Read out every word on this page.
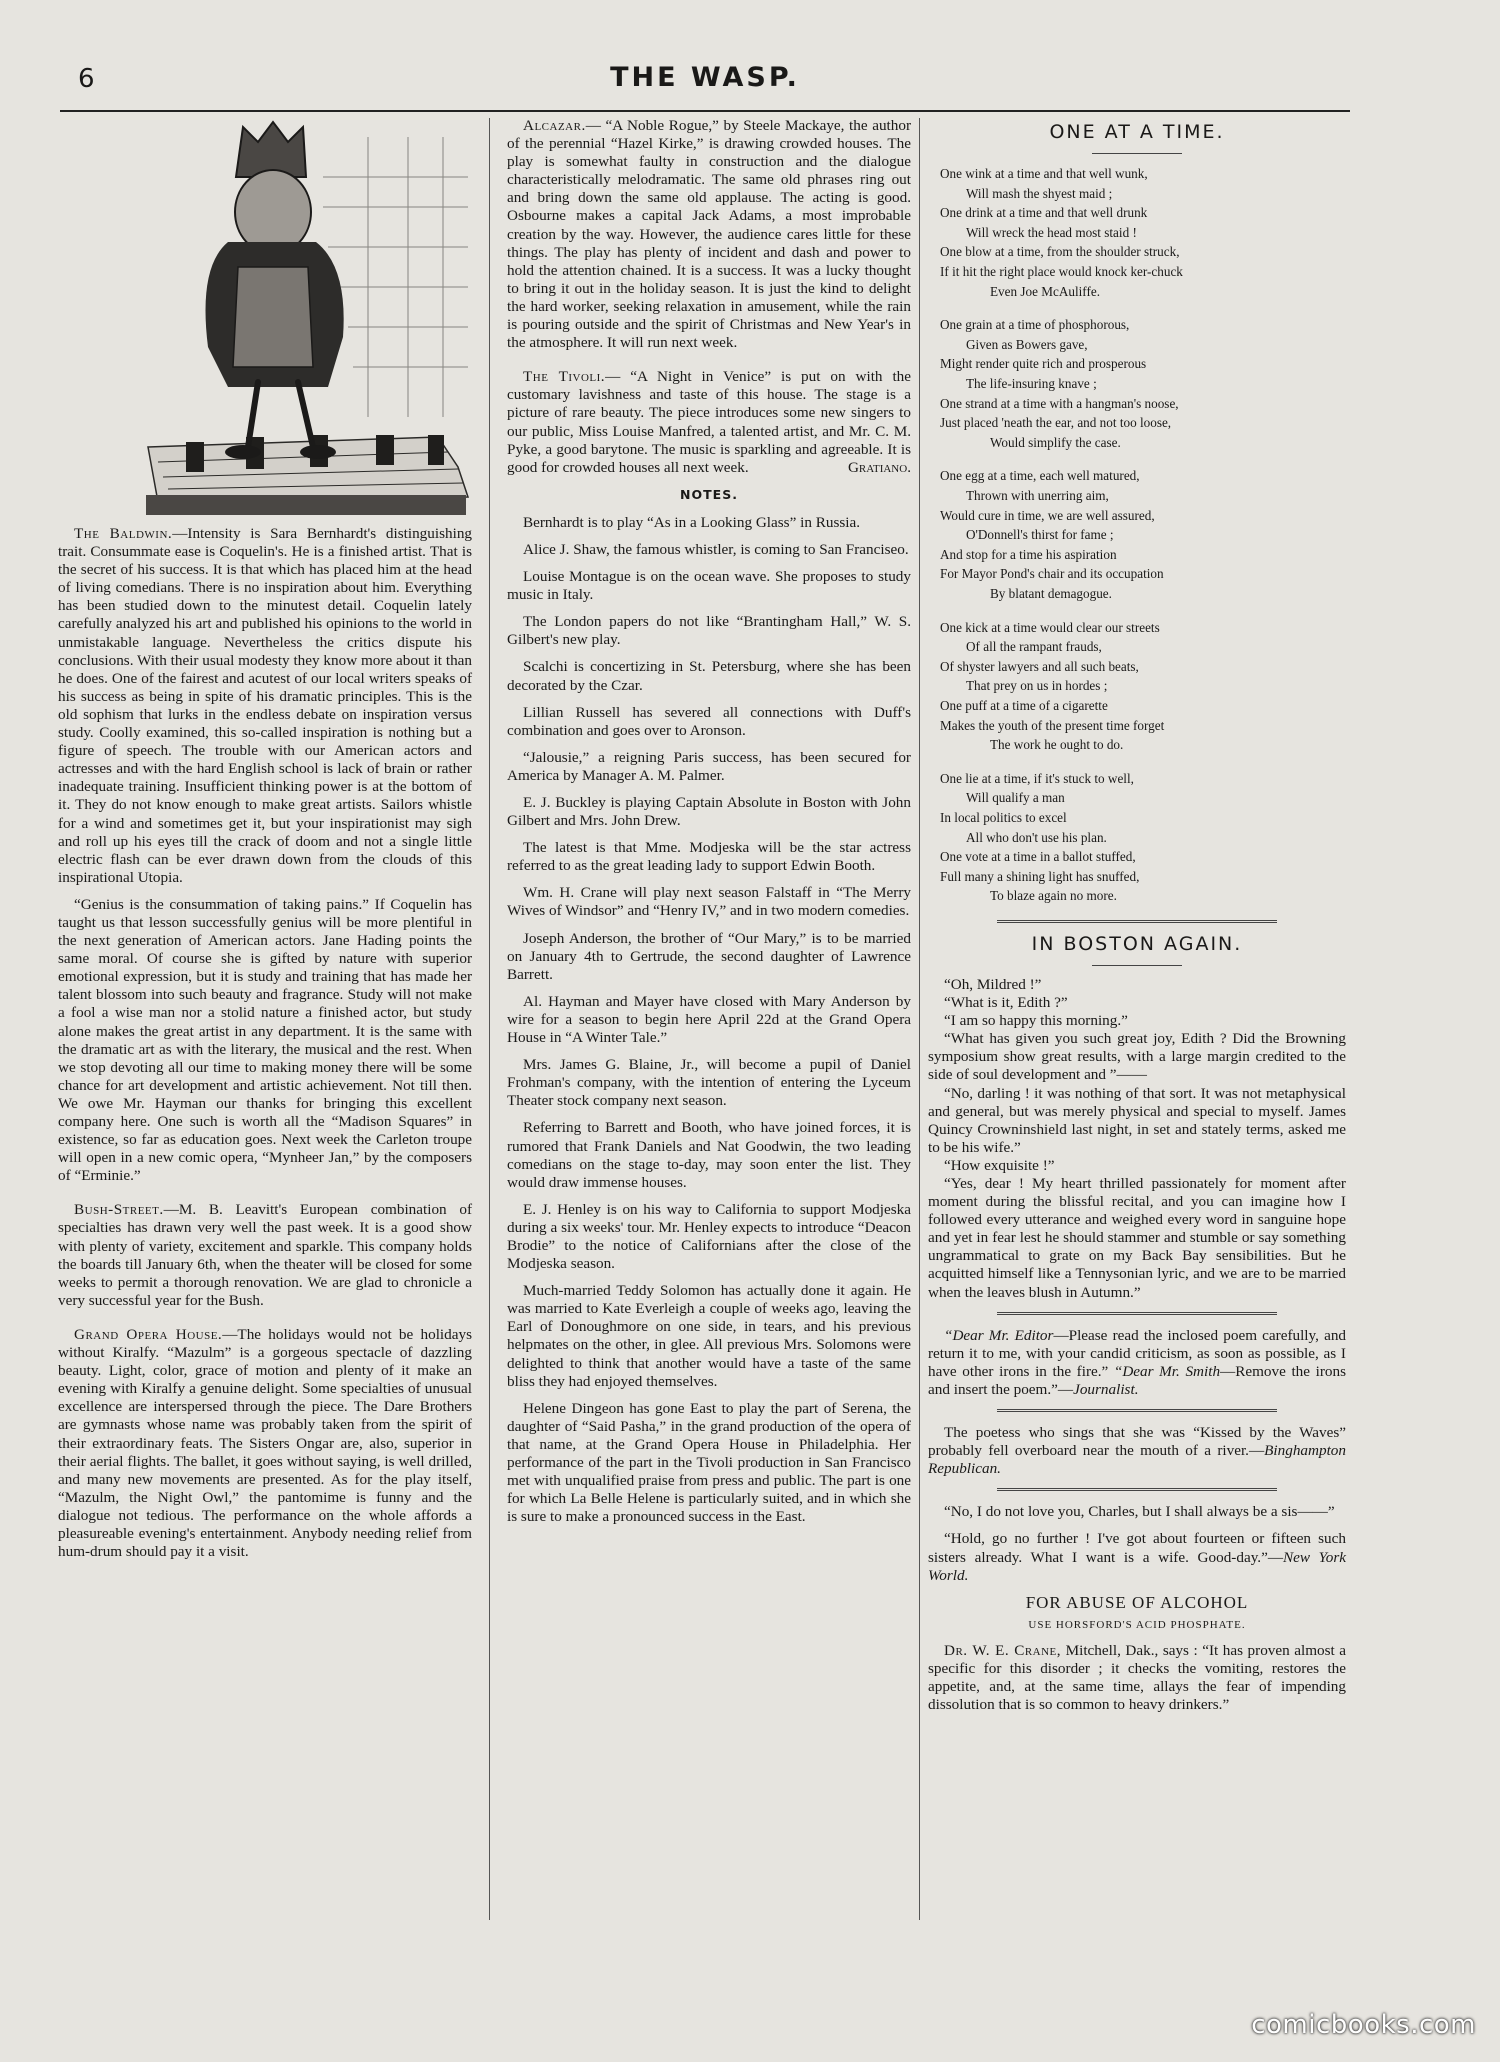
6	THE WASP.

The Baldwin.—Intensity is Sara Bernhardt's distinguishing trait. Consummate ease is Coquelin's. He is a finished artist. That is the secret of his success. It is that which has placed him at the head of living comedians. There is no inspiration about him. Everything has been studied down to the minutest detail. Coquelin lately carefully analyzed his art and published his opinions to the world in unmistakable language. Nevertheless the critics dispute his conclusions. With their usual modesty they know more about it than he does. One of the fairest and acutest of our local writers speaks of his success as being in spite of his dramatic principles. This is the old sophism that lurks in the endless debate on inspiration versus study. Coolly examined, this so-called inspiration is nothing but a figure of speech. The trouble with our American actors and actresses and with the hard English school is lack of brain or rather inadequate training. Insufficient thinking power is at the bottom of it. They do not know enough to make great artists. Sailors whistle for a wind and sometimes get it, but your inspirationist may sigh and roll up his eyes till the crack of doom and not a single little electric flash can be ever drawn down from the clouds of this inspirational Utopia.

“Genius is the consummation of taking pains.” If Coquelin has taught us that lesson successfully genius will be more plentiful in the next generation of American actors. Jane Hading points the same moral. Of course she is gifted by nature with superior emotional expression, but it is study and training that has made her talent blossom into such beauty and fragrance. Study will not make a fool a wise man nor a stolid nature a finished actor, but study alone makes the great artist in any department. It is the same with the dramatic art as with the literary, the musical and the rest. When we stop devoting all our time to making money there will be some chance for art development and artistic achievement. Not till then. We owe Mr. Hayman our thanks for bringing this excellent company here. One such is worth all the “Madison Squares” in existence, so far as education goes. Next week the Carleton troupe will open in a new comic opera, “Mynheer Jan,” by the composers of “Erminie.”

Bush-Street.—M. B. Leavitt's European combination of specialties has drawn very well the past week. It is a good show with plenty of variety, excitement and sparkle. This company holds the boards till January 6th, when the theater will be closed for some weeks to permit a thorough renovation. We are glad to chronicle a very successful year for the Bush.

Grand Opera House.—The holidays would not be holidays without Kiralfy. “Mazulm” is a gorgeous spectacle of dazzling beauty. Light, color, grace of motion and plenty of it make an evening with Kiralfy a genuine delight. Some specialties of unusual excellence are interspersed through the piece. The Dare Brothers are gymnasts whose name was probably taken from the spirit of their extraordinary feats. The Sisters Ongar are, also, superior in their aerial flights. The ballet, it goes without saying, is well drilled, and many new movements are presented. As for the play itself, “Mazulm, the Night Owl,” the pantomime is funny and the dialogue not tedious. The performance on the whole affords a pleasureable evening's entertainment. Anybody needing relief from hum-drum should pay it a visit.

Alcazar.— “A Noble Rogue,” by Steele Mackaye, the author of the perennial “Hazel Kirke,” is drawing crowded houses. The play is somewhat faulty in construction and the dialogue characteristically melodramatic. The same old phrases ring out and bring down the same old applause. The acting is good. Osbourne makes a capital Jack Adams, a most improbable creation by the way. However, the audience cares little for these things. The play has plenty of incident and dash and power to hold the attention chained. It is a success. It was a lucky thought to bring it out in the holiday season. It is just the kind to delight the hard worker, seeking relaxation in amusement, while the rain is pouring outside and the spirit of Christmas and New Year's in the atmosphere. It will run next week.

The Tivoli.— “A Night in Venice” is put on with the customary lavishness and taste of this house. The stage is a picture of rare beauty. The piece introduces some new singers to our public, Miss Louise Manfred, a talented artist, and Mr. C. M. Pyke, a good barytone. The music is sparkling and agreeable. It is good for crowded houses all next week.	Gratiano.

NOTES.

Bernhardt is to play “As in a Looking Glass” in Russia.

Alice J. Shaw, the famous whistler, is coming to San Franciseo.

Louise Montague is on the ocean wave. She proposes to study music in Italy.

The London papers do not like “Brantingham Hall,” W. S. Gilbert's new play.

Scalchi is concertizing in St. Petersburg, where she has been decorated by the Czar.

Lillian Russell has severed all connections with Duff's combination and goes over to Aronson.

“Jalousie,” a reigning Paris success, has been secured for America by Manager A. M. Palmer.

E. J. Buckley is playing Captain Absolute in Boston with John Gilbert and Mrs. John Drew.

The latest is that Mme. Modjeska will be the star actress referred to as the great leading lady to support Edwin Booth.

Wm. H. Crane will play next season Falstaff in “The Merry Wives of Windsor” and “Henry IV,” and in two modern comedies.

Joseph Anderson, the brother of “Our Mary,” is to be married on January 4th to Gertrude, the second daughter of Lawrence Barrett.

Al. Hayman and Mayer have closed with Mary Anderson by wire for a season to begin here April 22d at the Grand Opera House in “A Winter Tale.”

Mrs. James G. Blaine, Jr., will become a pupil of Daniel Frohman's company, with the intention of entering the Lyceum Theater stock company next season.

Referring to Barrett and Booth, who have joined forces, it is rumored that Frank Daniels and Nat Goodwin, the two leading comedians on the stage to-day, may soon enter the list. They would draw immense houses.

E. J. Henley is on his way to California to support Modjeska during a six weeks' tour. Mr. Henley expects to introduce “Deacon Brodie” to the notice of Californians after the close of the Modjeska season.

Much-married Teddy Solomon has actually done it again. He was married to Kate Everleigh a couple of weeks ago, leaving the Earl of Donoughmore on one side, in tears, and his previous helpmates on the other, in glee. All previous Mrs. Solomons were delighted to think that another would have a taste of the same bliss they had enjoyed themselves.

Helene Dingeon has gone East to play the part of Serena, the daughter of “Said Pasha,” in the grand production of the opera of that name, at the Grand Opera House in Philadelphia. Her performance of the part in the Tivoli production in San Francisco met with unqualified praise from press and public. The part is one for which La Belle Helene is particularly suited, and in which she is sure to make a pronounced success in the East.

ONE AT A TIME.
One wink at a time and that well wunk,
Will mash the shyest maid ;
One drink at a time and that well drunk
Will wreck the head most staid !
One blow at a time, from the shoulder struck,
If it hit the right place would knock ker-chuck
Even Joe McAuliffe.
One grain at a time of phosphorous,
Given as Bowers gave,
Might render quite rich and prosperous
The life-insuring knave ;
One strand at a time with a hangman's noose,
Just placed 'neath the ear, and not too loose,
Would simplify the case.
One egg at a time, each well matured,
Thrown with unerring aim,
Would cure in time, we are well assured,
O'Donnell's thirst for fame ;
And stop for a time his aspiration
For Mayor Pond's chair and its occupation
By blatant demagogue.
One kick at a time would clear our streets
Of all the rampant frauds,
Of shyster lawyers and all such beats,
That prey on us in hordes ;
One puff at a time of a cigarette
Makes the youth of the present time forget
The work he ought to do.
One lie at a time, if it's stuck to well,
Will qualify a man
In local politics to excel
All who don't use his plan.
One vote at a time in a ballot stuffed,
Full many a shining light has snuffed,
To blaze again no more.
IN BOSTON AGAIN.

“Oh, Mildred !”

“What is it, Edith ?”

“I am so happy this morning.”

“What has given you such great joy, Edith ? Did the Browning symposium show great results, with a large margin credited to the side of soul development and ”——

“No, darling ! it was nothing of that sort. It was not metaphysical and general, but was merely physical and special to myself. James Quincy Crowninshield last night, in set and stately terms, asked me to be his wife.”

“How exquisite !”

“Yes, dear ! My heart thrilled passionately for moment after moment during the blissful recital, and you can imagine how I followed every utterance and weighed every word in sanguine hope and yet in fear lest he should stammer and stumble or say something ungrammatical to grate on my Back Bay sensibilities. But he acquitted himself like a Tennysonian lyric, and we are to be married when the leaves blush in Autumn.”

“Dear Mr. Editor—Please read the inclosed poem carefully, and return it to me, with your candid criticism, as soon as possible, as I have other irons in the fire.” “Dear Mr. Smith—Remove the irons and insert the poem.”—Journalist.

The poetess who sings that she was “Kissed by the Waves” probably fell overboard near the mouth of a river.—Binghampton Republican.

“No, I do not love you, Charles, but I shall always be a sis——”

“Hold, go no further ! I've got about fourteen or fifteen such sisters already. What I want is a wife. Good-day.”—New York World.

FOR ABUSE OF ALCOHOL
USE HORSFORD'S ACID PHOSPHATE.

Dr. W. E. Crane, Mitchell, Dak., says : “It has proven almost a specific for this disorder ; it checks the vomiting, restores the appetite, and, at the same time, allays the fear of impending dissolution that is so common to heavy drinkers.”

comicbooks.com
